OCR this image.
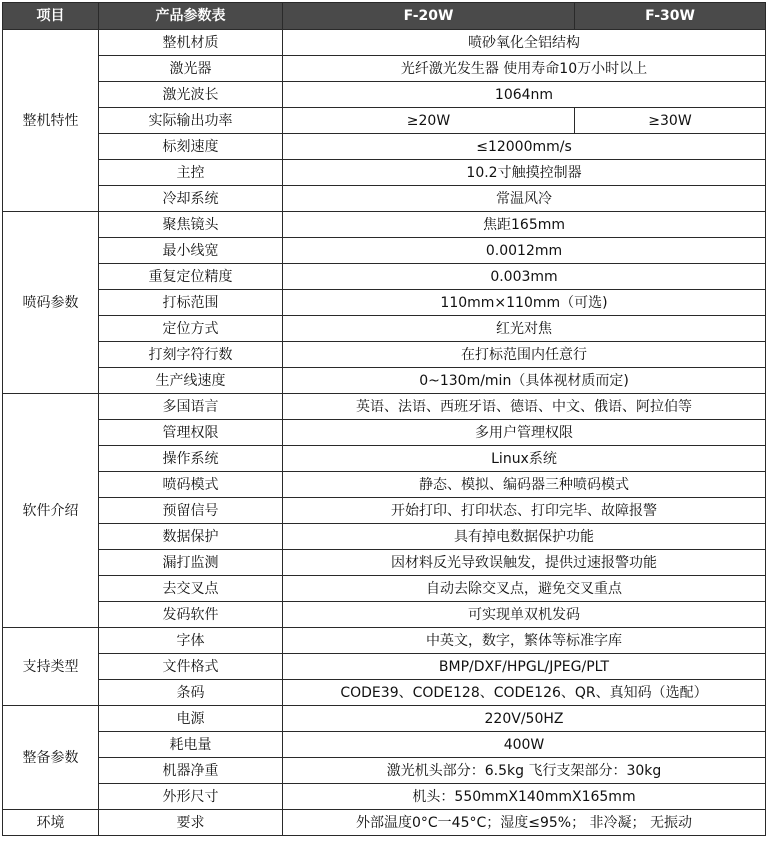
项目	产品参数表	F-20W	F-30W
整机特性	整机材质	喷砂氧化全铝结构	
	激光器	光纤激光发生器 使用寿命10万小时以上	
	激光波长	1064nm	
	实际输出功率	≥20W	≥30W
	标刻速度	≤12000mm/s	
	主控	10.2寸触摸控制器	
	冷却系统	常温风冷	
喷码参数	聚焦镜头	焦距165mm	
	最小线宽	0.0012mm	
	重复定位精度	0.003mm	
	打标范围	110mm×110mm（可选)	
	定位方式	红光对焦	
	打刻字符行数	在打标范围内任意行	
	生产线速度	0~130m/min（具体视材质而定)	
软件介绍	多国语言	英语、法语、西班牙语、德语、中文、俄语、阿拉伯等	
	管理权限	多用户管理权限	
	操作系统	Linux系统	
	喷码模式	静态、模拟、编码器三种喷码模式	
	预留信号	开始打印、打印状态、打印完毕、故障报警	
	数据保护	具有掉电数据保护功能	
	漏打监测	因材料反光导致误触发，提供过速报警功能	
	去交叉点	自动去除交叉点，避免交叉重点	
	发码软件	可实现单双机发码	
支持类型	字体	中英文，数字，繁体等标准字库	
	文件格式	BMP/DXF/HPGL/JPEG/PLT	
	条码	CODE39、CODE128、CODE126、QR、真知码（选配）	
整备参数	电源	220V/50HZ	
	耗电量	400W	
	机器净重	激光机头部分：6.5kg 飞行支架部分：30kg	
	外形尺寸	机头：550mmX140mmX165mm	
环境	要求	外部温度0°C一45°C；湿度≤95%； 非冷凝； 无振动	
